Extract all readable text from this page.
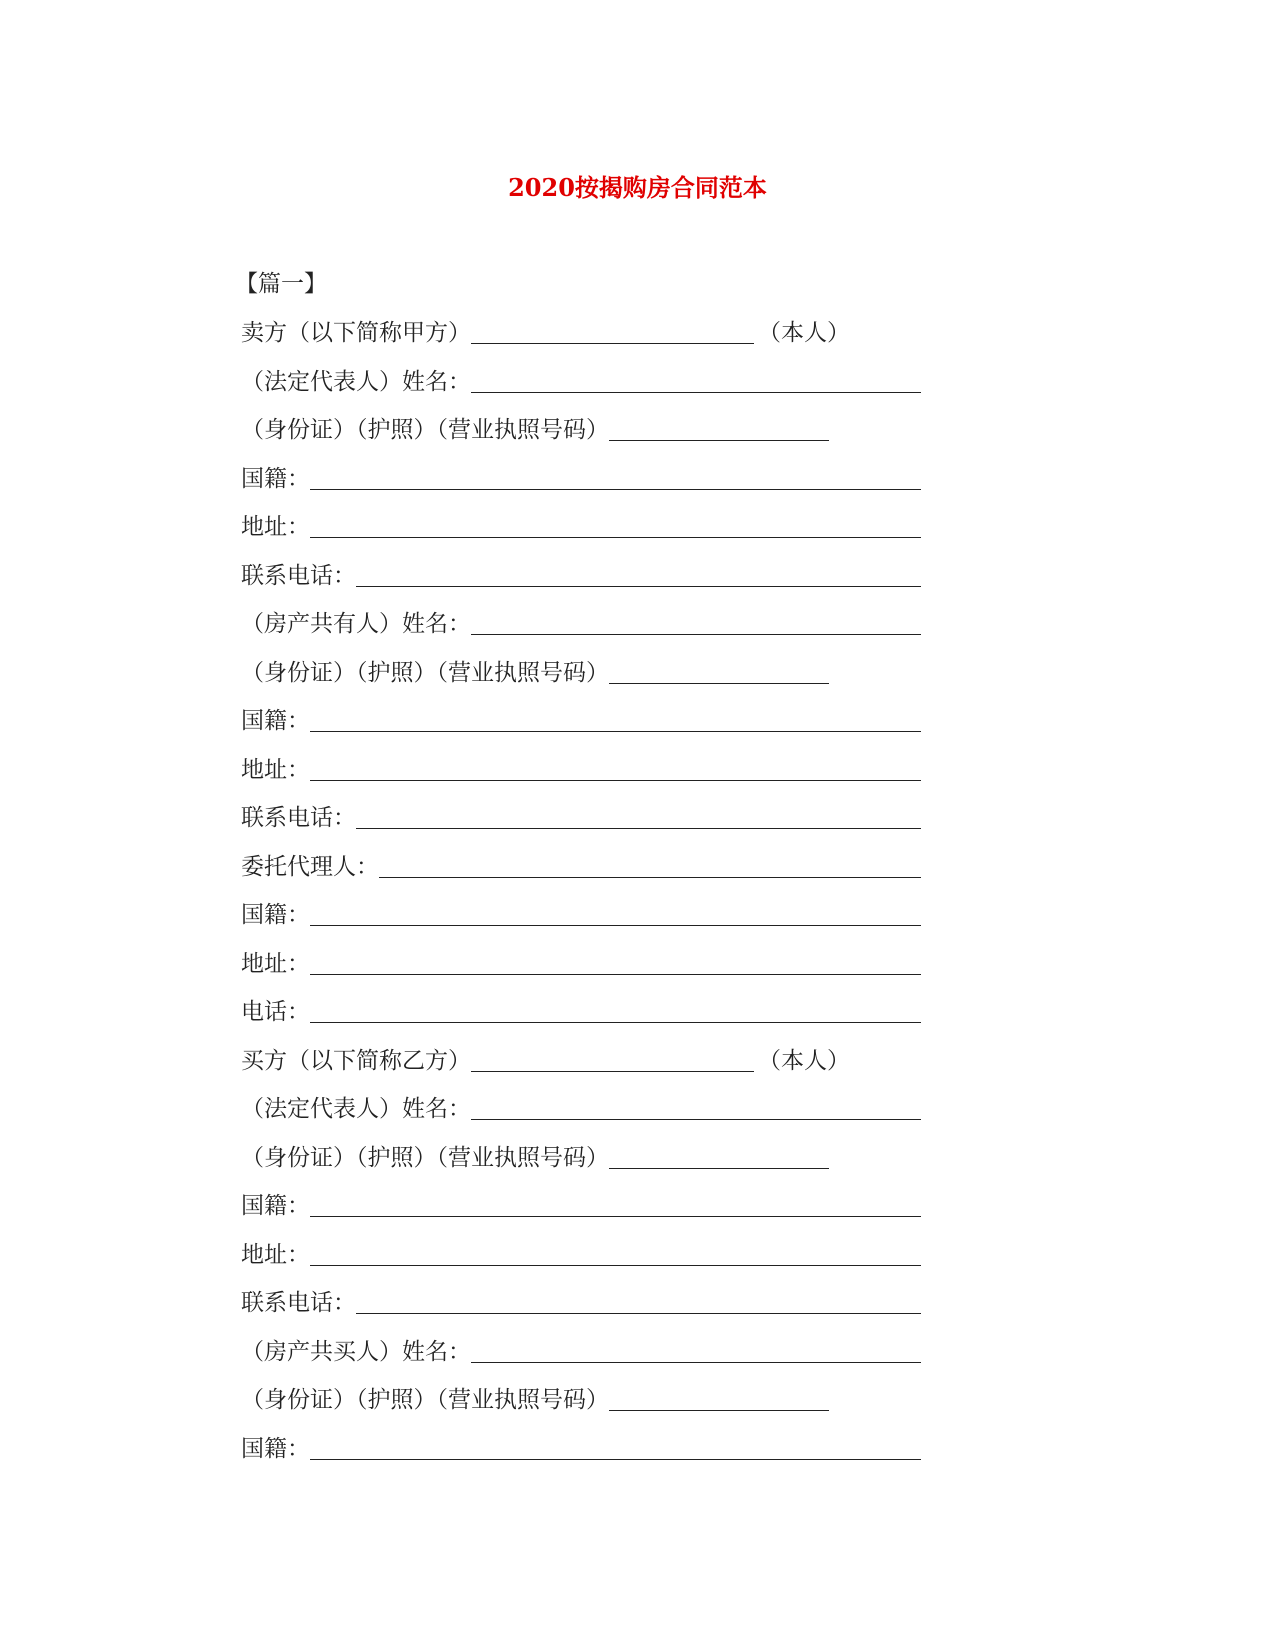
2020按揭购房合同范本
【篇一】
卖方（以下简称甲方）	（本人）
（法定代表人）姓名：
（身份证）（护照）（营业执照号码）
国籍：
地址：
联系电话：
（房产共有人）姓名：
（身份证）（护照）（营业执照号码）
国籍：
地址：
联系电话：
委托代理人：
国籍：
地址：
电话：
买方（以下简称乙方）	（本人）
（法定代表人）姓名：
（身份证）（护照）（营业执照号码）
国籍：
地址：
联系电话：
（房产共买人）姓名：
（身份证）（护照）（营业执照号码）
国籍：
